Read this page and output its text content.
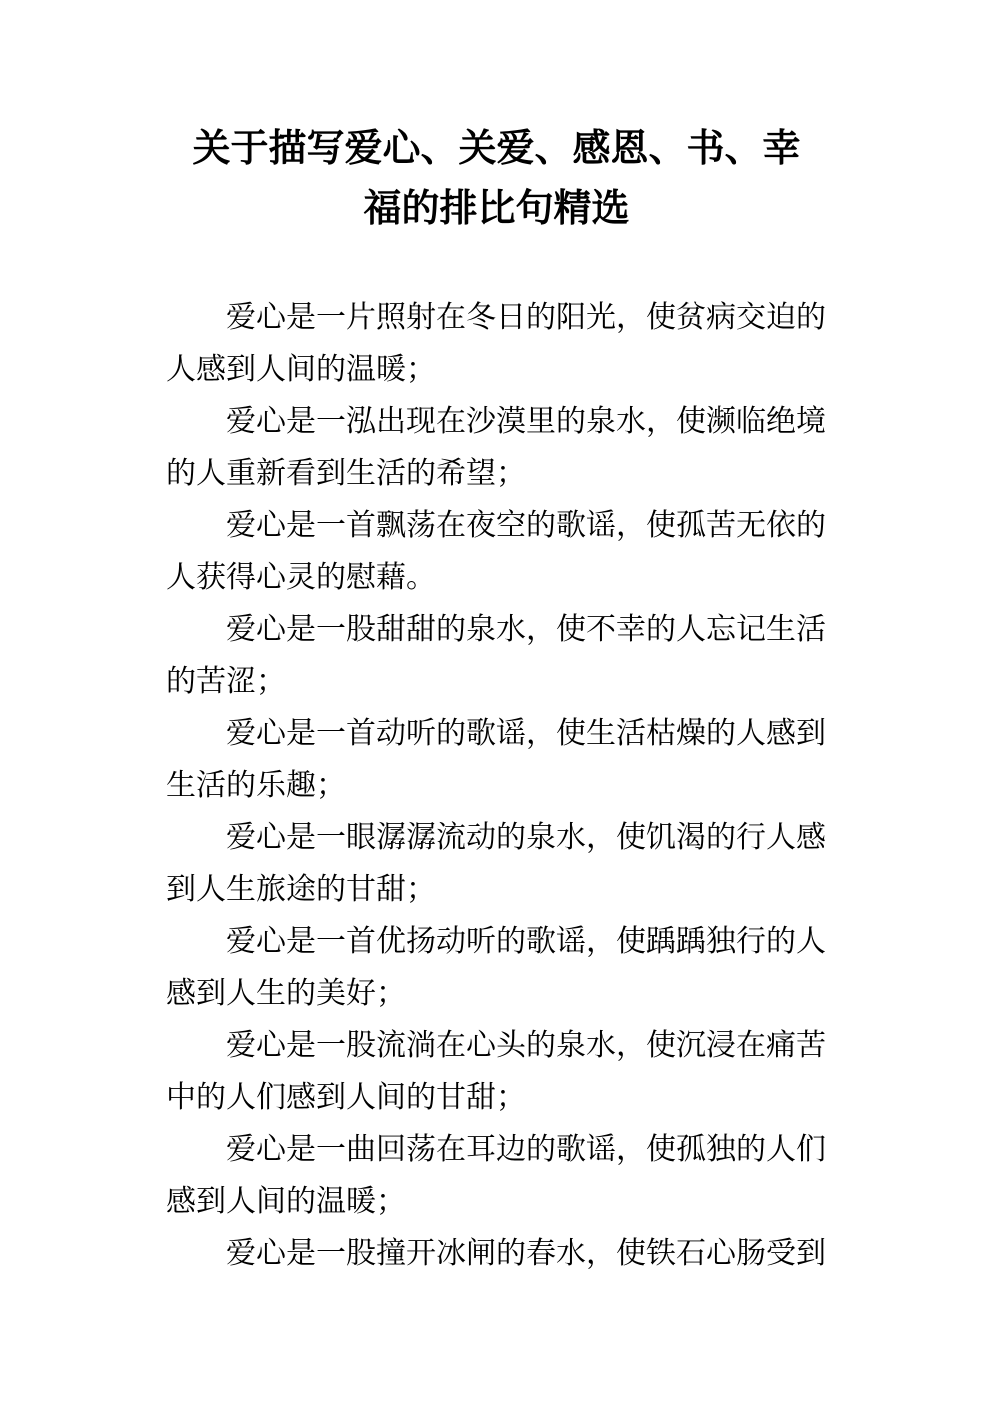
关于描写爱心、关爱、感恩、书、幸
福的排比句精选

爱心是一片照射在冬日的阳光，使贫病交迫的人感到人间的温暖；

爱心是一泓出现在沙漠里的泉水，使濒临绝境的人重新看到生活的希望；

爱心是一首飘荡在夜空的歌谣，使孤苦无依的人获得心灵的慰藉。

爱心是一股甜甜的泉水，使不幸的人忘记生活的苦涩；

爱心是一首动听的歌谣，使生活枯燥的人感到生活的乐趣；

爱心是一眼潺潺流动的泉水，使饥渴的行人感到人生旅途的甘甜；

爱心是一首优扬动听的歌谣，使踽踽独行的人感到人生的美好；

爱心是一股流淌在心头的泉水，使沉浸在痛苦中的人们感到人间的甘甜；

爱心是一曲回荡在耳边的歌谣，使孤独的人们感到人间的温暖；

爱心是一股撞开冰闸的春水，使铁石心肠受到
